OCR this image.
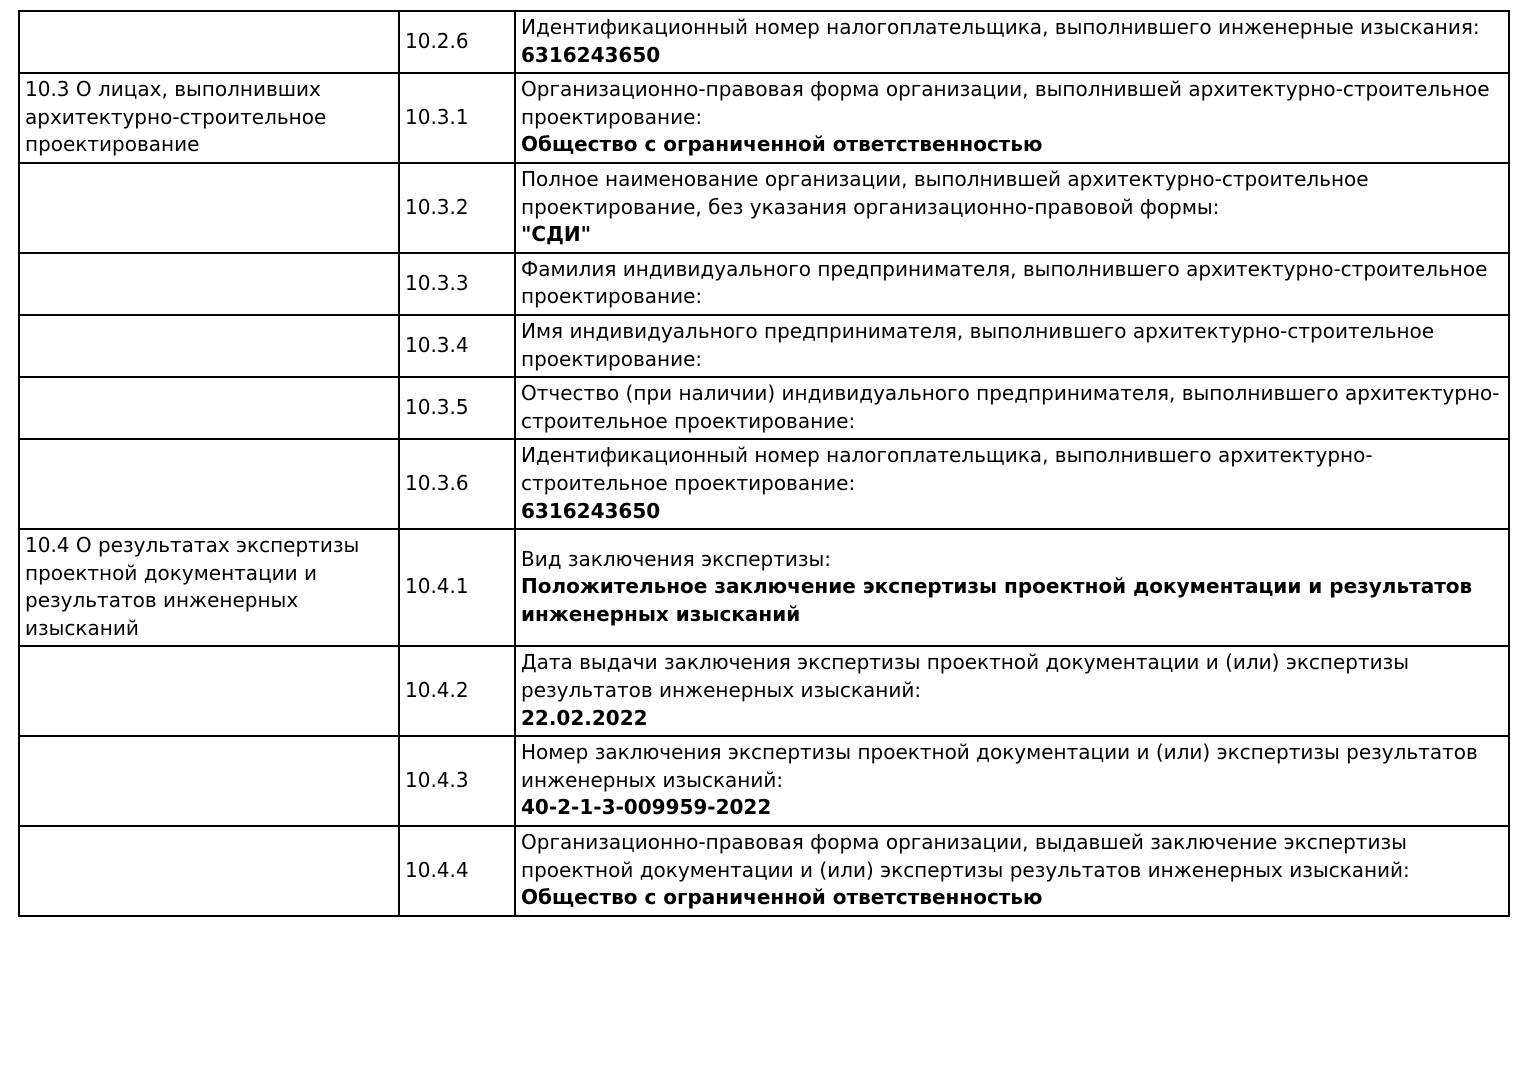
	10.2.6	Идентификационный номер налогоплательщика, выполнившего инженерные изыскания:
6316243650

10.3 О лицах, выполнивших архитектурно-строительное проектирование	10.3.1	Организационно-правовая форма организации, выполнившей архитектурно-строительное проектирование:
Общество с ограниченной ответственностью

	10.3.2	Полное наименование организации, выполнившей архитектурно-строительное проектирование, без указания организационно-правовой формы:
"СДИ"

	10.3.3	Фамилия индивидуального предпринимателя, выполнившего архитектурно-строительное проектирование:

	10.3.4	Имя индивидуального предпринимателя, выполнившего архитектурно-строительное проектирование:

	10.3.5	Отчество (при наличии) индивидуального предпринимателя, выполнившего архитектурно-строительное проектирование:

	10.3.6	Идентификационный номер налогоплательщика, выполнившего архитектурно-строительное проектирование:
6316243650

10.4 О результатах экспертизы проектной документации и результатов инженерных изысканий	10.4.1	Вид заключения экспертизы:
Положительное заключение экспертизы проектной документации и результатов инженерных изысканий

	10.4.2	Дата выдачи заключения экспертизы проектной документации и (или) экспертизы результатов инженерных изысканий:
22.02.2022

	10.4.3	Номер заключения экспертизы проектной документации и (или) экспертизы результатов инженерных изысканий:
40-2-1-3-009959-2022

	10.4.4	Организационно-правовая форма организации, выдавшей заключение экспертизы проектной документации и (или) экспертизы результатов инженерных изысканий:
Общество с ограниченной ответственностью
